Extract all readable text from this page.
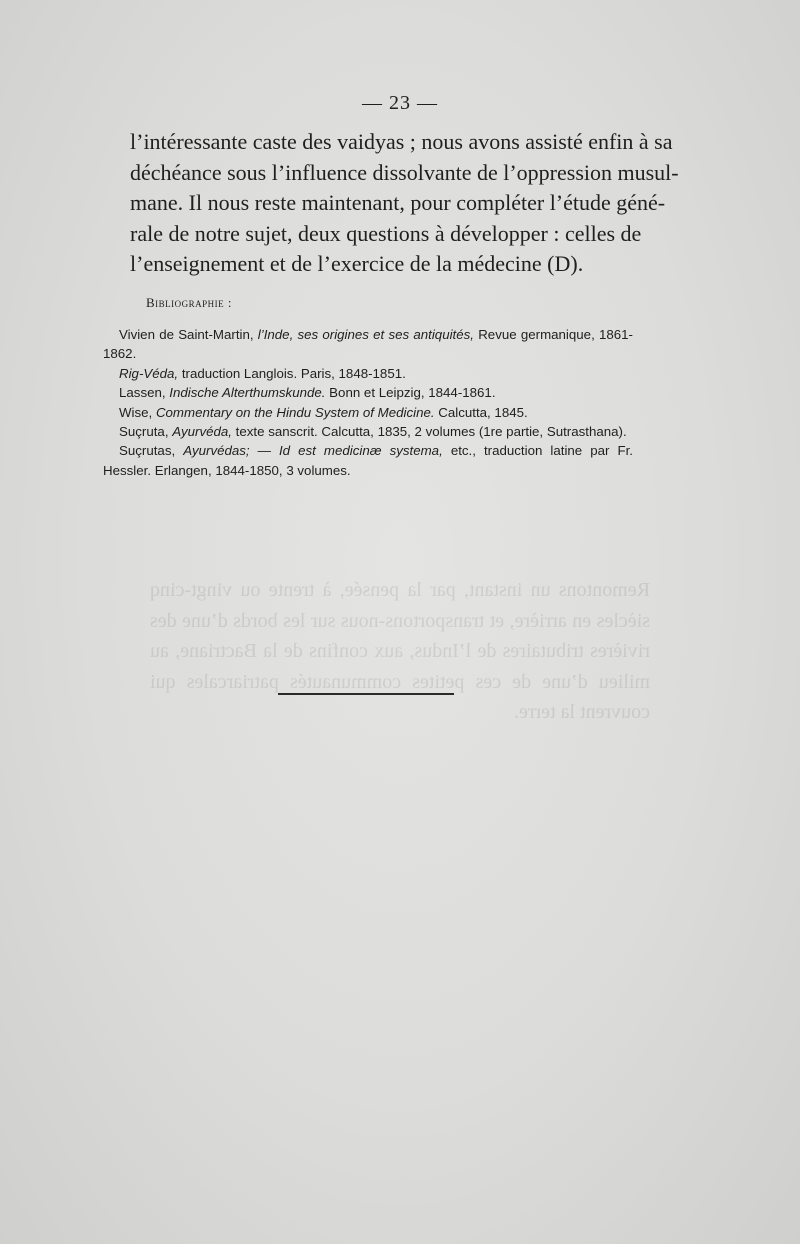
Remontons un instant, par la pensée, à trente ou vingt-cinq siècles en arrière, et transportons-nous sur les bords d’une des rivières tributaires de l’Indus, aux confins de la Bactriane, au milieu d’une de ces petites communautés patriarcales qui couvrent la terre.
— 23 —
l’intéressante caste des vaidyas ; nous avons assisté enfin à sa
déchéance sous l’influence dissolvante de l’oppression musul-
mane. Il nous reste maintenant, pour compléter l’étude géné-
rale de notre sujet, deux questions à développer : celles de
l’enseignement et de l’exercice de la médecine (D).
Bibliographie :

Vivien de Saint-Martin, l’Inde, ses origines et ses antiquités, Revue germanique, 1861-1862.

Rig-Véda, traduction Langlois. Paris, 1848-1851.

Lassen, Indische Alterthumskunde. Bonn et Leipzig, 1844-1861.

Wise, Commentary on the Hindu System of Medicine. Calcutta, 1845.

Suçruta, Ayurvéda, texte sanscrit. Calcutta, 1835, 2 volumes (1re partie, Sutrasthana).

Suçrutas, Ayurvédas; — Id est medicinæ systema, etc., traduction latine par Fr. Hessler. Erlangen, 1844-1850, 3 volumes.
